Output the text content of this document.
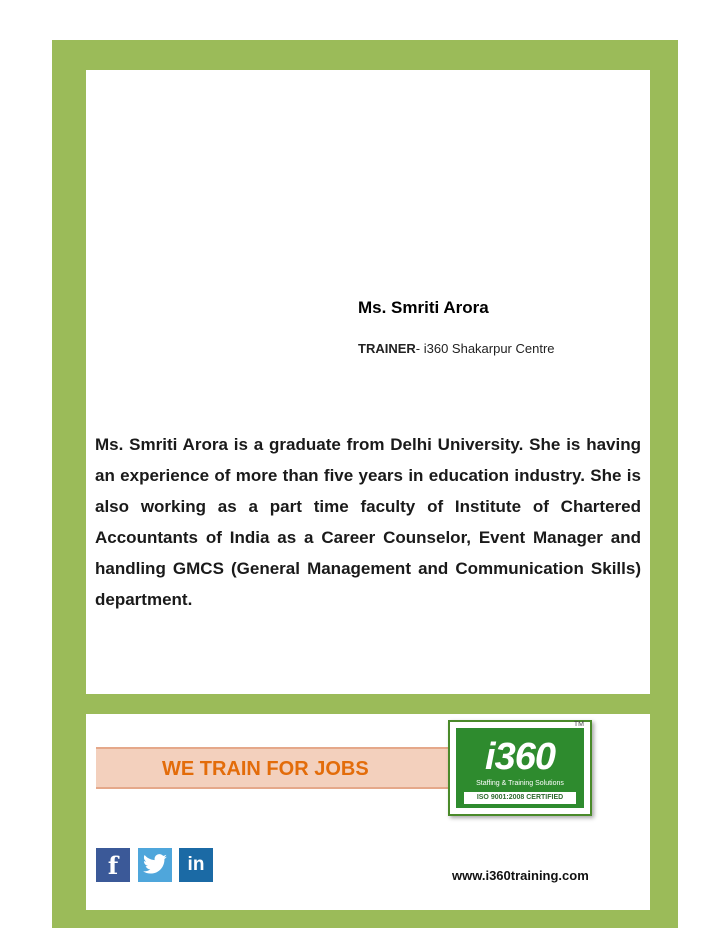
Ms. Smriti Arora

TRAINER- i360 Shakarpur Centre

Ms. Smriti Arora is a graduate from Delhi University. She is having an experience of more than five years in education industry. She is also working as a part time faculty of Institute of Chartered Accountants of India as a Career Counselor, Event Manager and handling GMCS (General Management and Communication Skills) department.

WE TRAIN FOR JOBS

TM

i360

Staffing & Training Solutions

ISO 9001:2008 CERTIFIED

f	in

www.i360training.com
